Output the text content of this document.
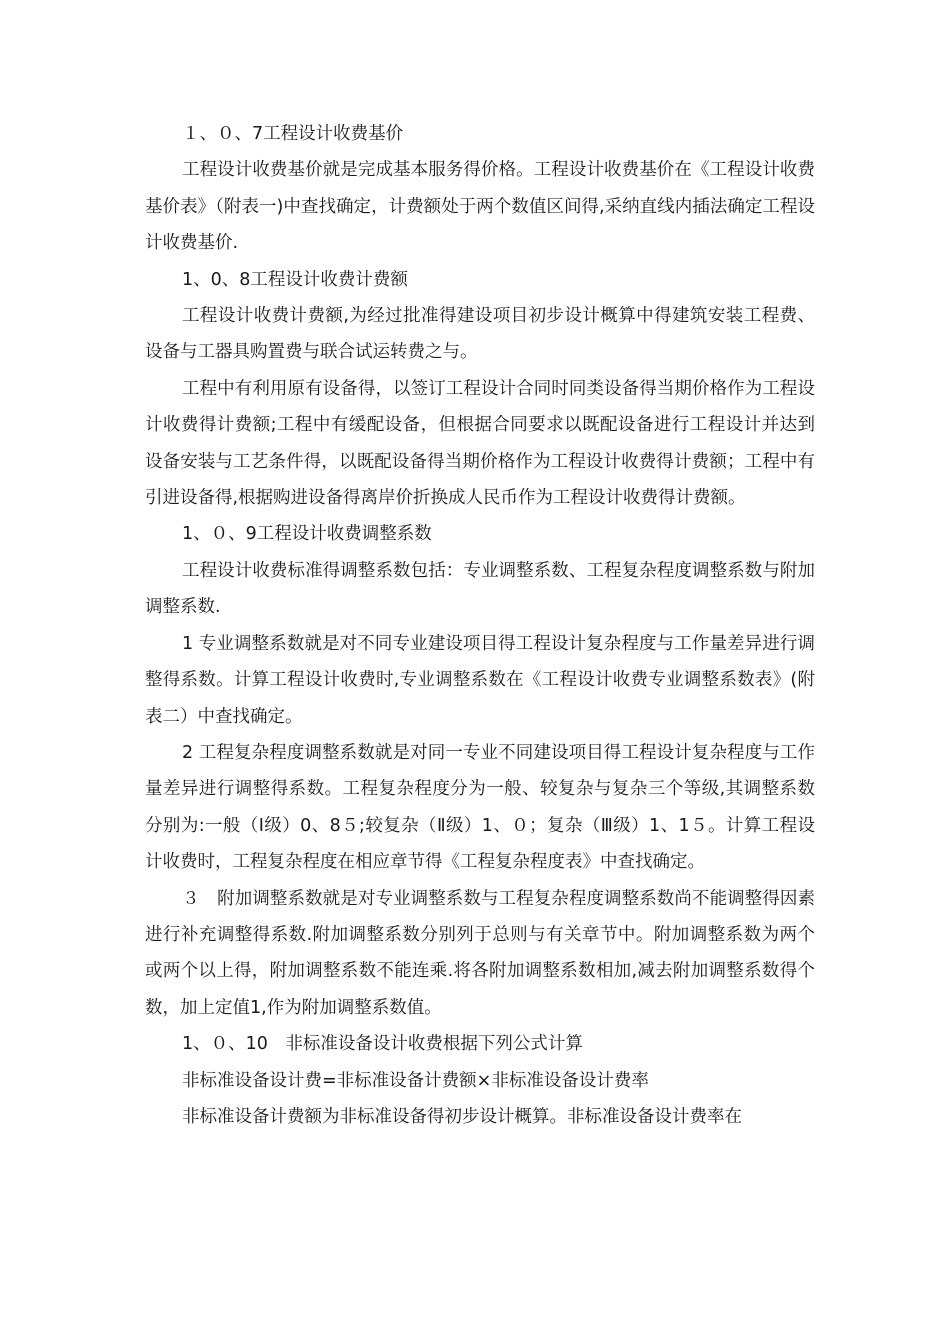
１、０、7工程设计收费基价

工程设计收费基价就是完成基本服务得价格。工程设计收费基价在《工程设计收费基价表》（附表一)中查找确定，计费额处于两个数值区间得,采纳直线内插法确定工程设计收费基价.

1、0、8工程设计收费计费额

工程设计收费计费额,为经过批准得建设项目初步设计概算中得建筑安装工程费、设备与工器具购置费与联合试运转费之与。

工程中有利用原有设备得，以签订工程设计合同时同类设备得当期价格作为工程设计收费得计费额;工程中有缓配设备，但根据合同要求以既配设备进行工程设计并达到设备安装与工艺条件得，以既配设备得当期价格作为工程设计收费得计费额；工程中有引进设备得,根据购进设备得离岸价折换成人民币作为工程设计收费得计费额。

1、０、9工程设计收费调整系数

工程设计收费标准得调整系数包括：专业调整系数、工程复杂程度调整系数与附加调整系数.

1 专业调整系数就是对不同专业建设项目得工程设计复杂程度与工作量差异进行调整得系数。计算工程设计收费时,专业调整系数在《工程设计收费专业调整系数表》(附表二）中查找确定。

2 工程复杂程度调整系数就是对同一专业不同建设项目得工程设计复杂程度与工作量差异进行调整得系数。工程复杂程度分为一般、较复杂与复杂三个等级,其调整系数分别为:一般（Ⅰ级）0、8５;较复杂（Ⅱ级）1、０；复杂（Ⅲ级）1、1５。计算工程设计收费时，工程复杂程度在相应章节得《工程复杂程度表》中查找确定。

３　附加调整系数就是对专业调整系数与工程复杂程度调整系数尚不能调整得因素进行补充调整得系数.附加调整系数分别列于总则与有关章节中。附加调整系数为两个或两个以上得，附加调整系数不能连乘.将各附加调整系数相加,减去附加调整系数得个数，加上定值1,作为附加调整系数值。

1、０、10　非标准设备设计收费根据下列公式计算

非标准设备设计费=非标准设备计费额×非标准设备设计费率

非标准设备计费额为非标准设备得初步设计概算。非标准设备设计费率在
